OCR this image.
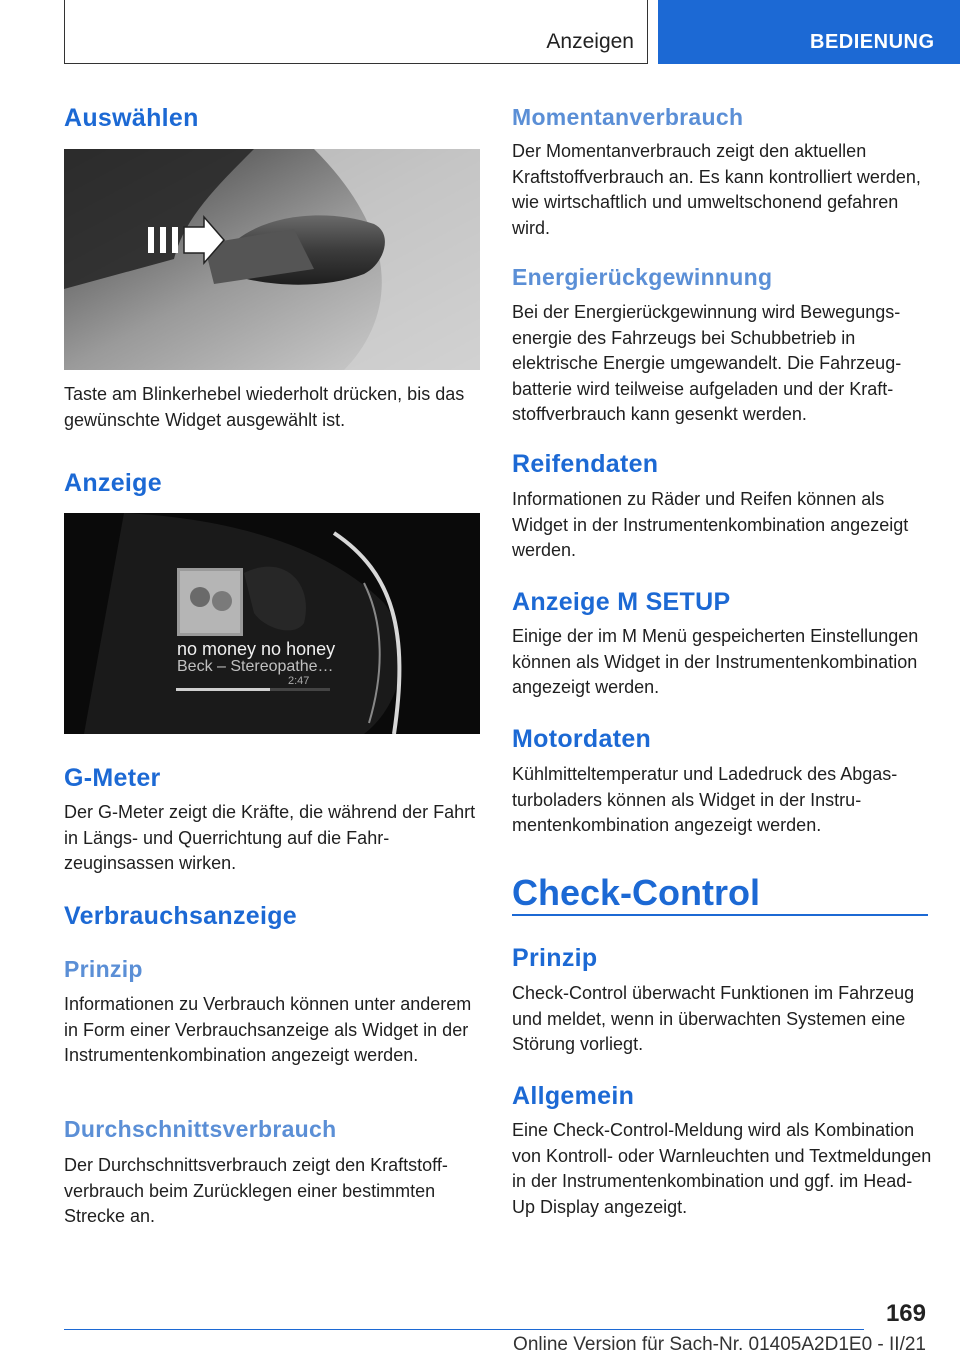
Anzeigen	BEDIENUNG
Auswählen

Taste am Blinkerhebel wiederholt drücken, bis das gewünschte Widget ausgewählt ist.

Anzeige
no money no honey
Beck – Stereopathe…
2:47
G-Meter

Der G-Meter zeigt die Kräfte, die während der Fahrt in Längs- und Querrichtung auf die Fahrzeuginsassen wirken.

Verbrauchsanzeige
Prinzip

Informationen zu Verbrauch können unter anderem in Form einer Verbrauchsanzeige als Widget in der Instrumentenkombination angezeigt werden.

Durchschnittsverbrauch

Der Durchschnittsverbrauch zeigt den Kraftstoffverbrauch beim Zurücklegen einer bestimmten Strecke an.

Momentanverbrauch

Der Momentanverbrauch zeigt den aktuellen Kraftstoffverbrauch an. Es kann kontrolliert werden, wie wirtschaftlich und umweltschonend gefahren wird.

Energierückgewinnung

Bei der Energierückgewinnung wird Bewegungsenergie des Fahrzeugs bei Schubbetrieb in elektrische Energie umgewandelt. Die Fahrzeugbatterie wird teilweise aufgeladen und der Kraftstoffverbrauch kann gesenkt werden.

Reifendaten

Informationen zu Räder und Reifen können als Widget in der Instrumentenkombination angezeigt werden.

Anzeige M SETUP

Einige der im M Menü gespeicherten Einstellungen können als Widget in der Instrumentenkombination angezeigt werden.

Motordaten

Kühlmitteltemperatur und Ladedruck des Abgasturboladers können als Widget in der Instrumentenkombination angezeigt werden.

Check-Control
Prinzip

Check-Control überwacht Funktionen im Fahrzeug und meldet, wenn in überwachten Systemen eine Störung vorliegt.

Allgemein

Eine Check-Control-Meldung wird als Kombination von Kontroll- oder Warnleuchten und Textmeldungen in der Instrumentenkombination und ggf. im Head-Up Display angezeigt.

169
Online Version für Sach-Nr. 01405A2D1E0 - II/21
